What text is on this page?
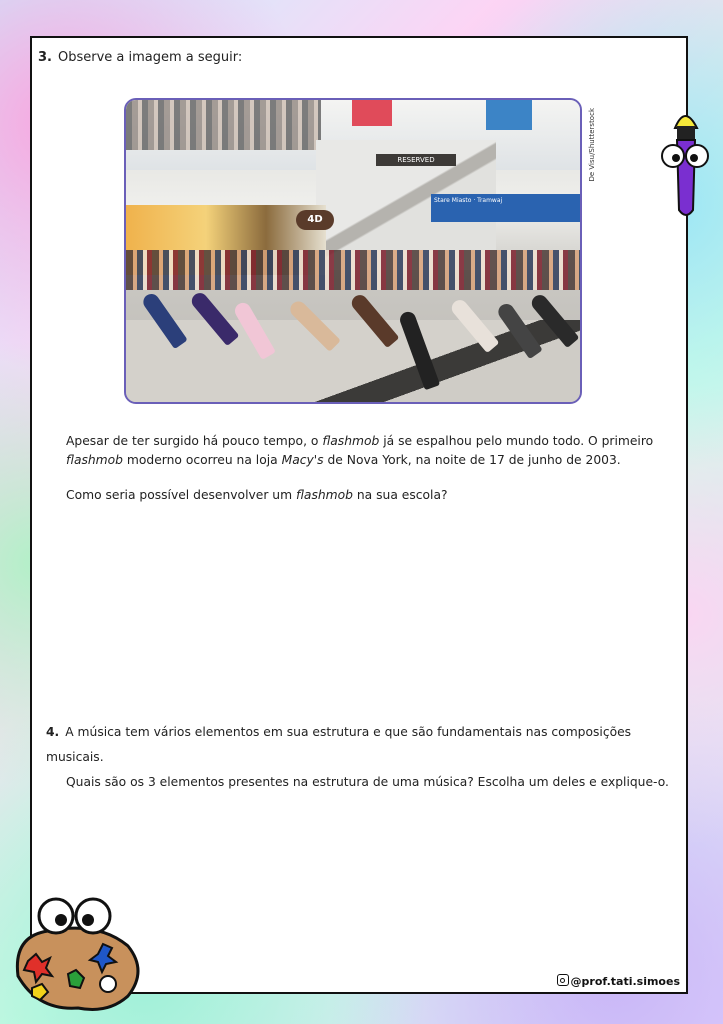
3. Observe a imagem a seguir:
4D
Stare Miasto · Tramwaj
RESERVED	De Visu/Shutterstock
Apesar de ter surgido há pouco tempo, o flashmob já se espalhou pelo mundo todo. O primeiro flashmob moderno ocorreu na loja Macy's de Nova York, na noite de 17 de junho de 2003.
Como seria possível desenvolver um flashmob na sua escola?
4. A música tem vários elementos em sua estrutura e que são fundamentais nas composições musicais.
Quais são os 3 elementos presentes na estrutura de uma música? Escolha um deles e explique-o.
@prof.tati.simoes
